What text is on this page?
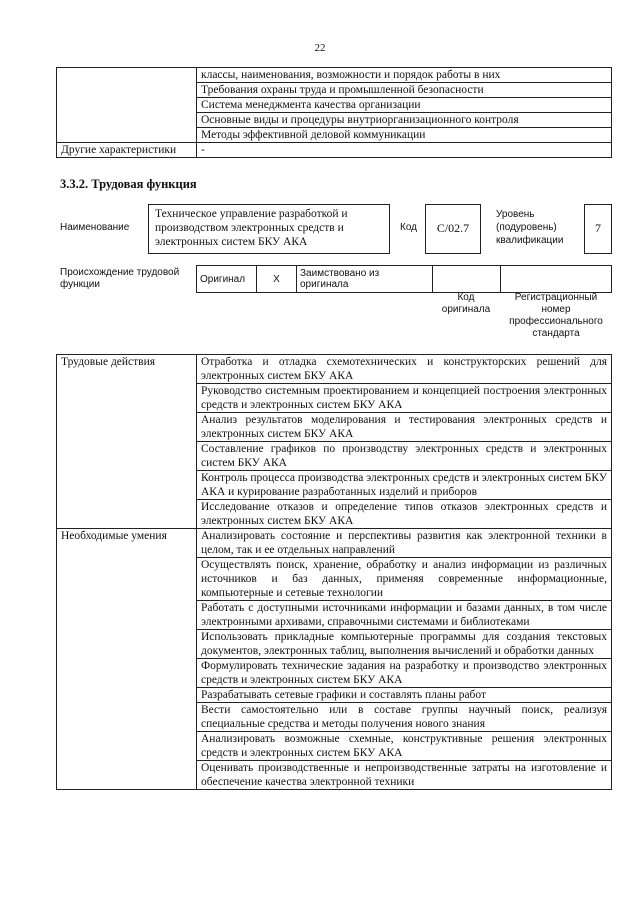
22
	классы, наименования, возможности и порядок работы в них
	Требования охраны труда и промышленной безопасности
	Система менеджмента качества организации
	Основные виды и процедуры внутриорганизационного контроля
	Методы эффективной деловой коммуникации
Другие характеристики	-
3.3.2. Трудовая функция
Наименование
Техническое управление разработкой и производством электронных средств и электронных систем БКУ АКА
Код	C/02.7
Уровень (подуровень) квалификации
7
Происхождение трудовой функции	Оригинал	X	Заимствовано из оригинала		
Код оригинала
Регистрационный номер профессионального стандарта
Трудовые действия	Отработка и отладка схемотехнических и конструкторских решений для электронных систем БКУ АКА
	Руководство системным проектированием и концепцией построения электронных средств и электронных систем БКУ АКА
	Анализ результатов моделирования и тестирования электронных средств и электронных систем БКУ АКА
	Составление графиков по производству электронных средств и электронных систем БКУ АКА
	Контроль процесса производства электронных средств и электронных систем БКУ АКА и курирование разработанных изделий и приборов
	Исследование отказов и определение типов отказов электронных средств и электронных систем БКУ АКА
Необходимые умения	Анализировать состояние и перспективы развития как электронной техники в целом, так и ее отдельных направлений
	Осуществлять поиск, хранение, обработку и анализ информации из различных источников и баз данных, применяя современные информационные, компьютерные и сетевые технологии
	Работать с доступными источниками информации и базами данных, в том числе электронными архивами, справочными системами и библиотеками
	Использовать прикладные компьютерные программы для создания текстовых документов, электронных таблиц, выполнения вычислений и обработки данных
	Формулировать технические задания на разработку и производство электронных средств и электронных систем БКУ АКА
	Разрабатывать сетевые графики и составлять планы работ
	Вести самостоятельно или в составе группы научный поиск, реализуя специальные средства и методы получения нового знания
	Анализировать возможные схемные, конструктивные решения электронных средств и электронных систем БКУ АКА
	Оценивать производственные и непроизводственные затраты на изготовление и обеспечение качества электронной техники
